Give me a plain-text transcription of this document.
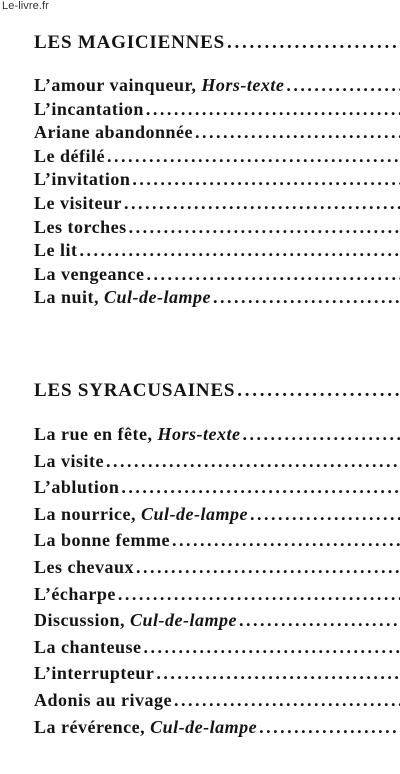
Le-livre.fr
LES MAGICIENNES
. . .
L’amour vainqueur, Hors-texte
. . .
L’incantation
. . .
Ariane abandonnée
. . .
Le défilé
. . .
L’invitation
. . .
Le visiteur
. . .
Les torches
. . .
Le lit
. . .
La vengeance
. . .
La nuit, Cul-de-lampe
. . .
LES SYRACUSAINES
. . .
La rue en fête, Hors-texte
. . .
La visite
. . .
L’ablution
. . .
La nourrice, Cul-de-lampe
. . .
La bonne femme
. . .
Les chevaux
. . .
L’écharpe
. . .
Discussion, Cul-de-lampe
. . .
La chanteuse
. . .
L’interrupteur
. . .
Adonis au rivage
. . .
La révérence, Cul-de-lampe
. . .
